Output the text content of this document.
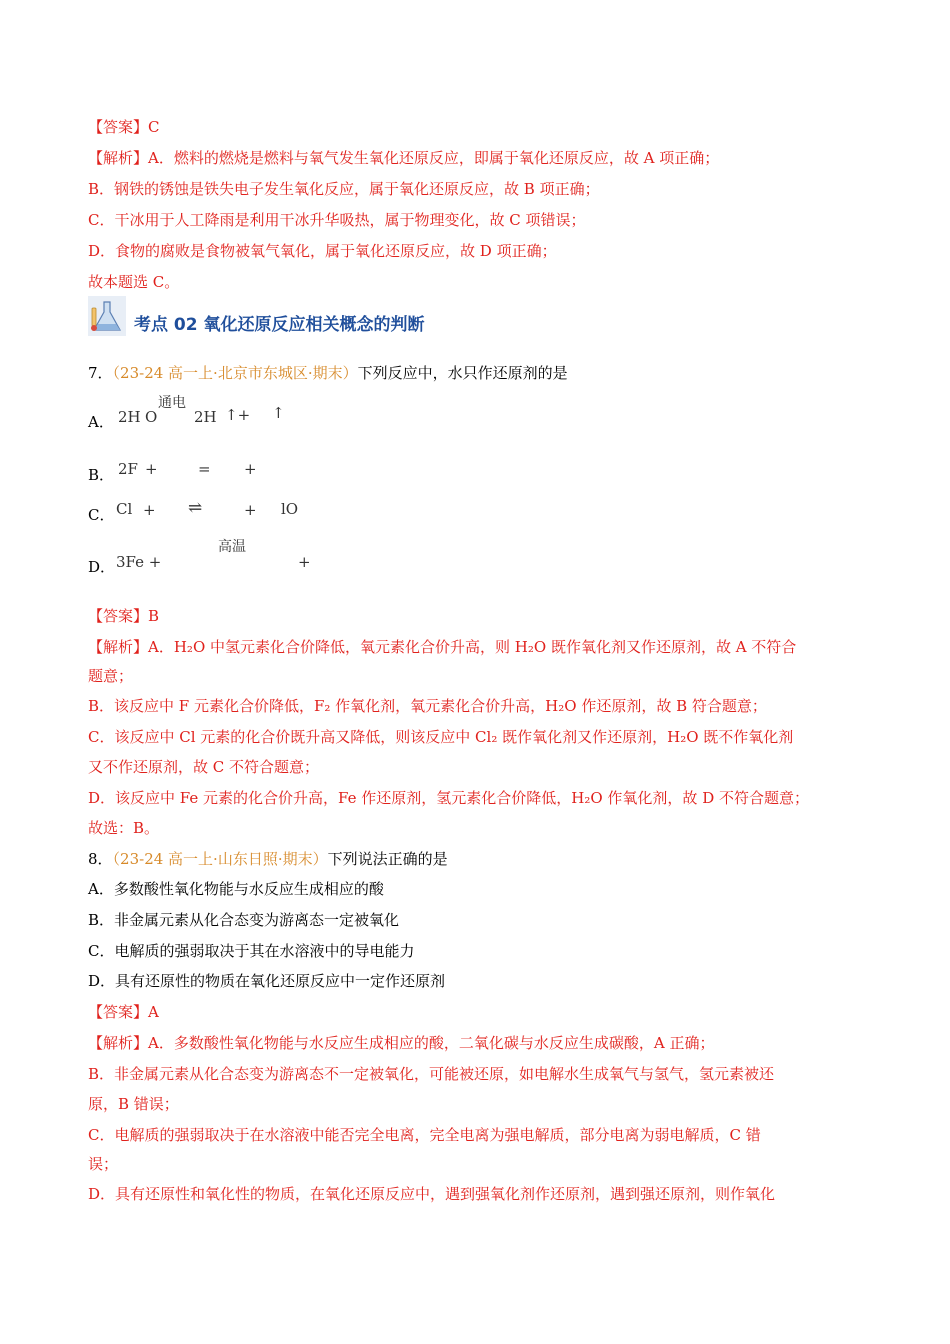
【答案】C
【解析】A．燃料的燃烧是燃料与氧气发生氧化还原反应，即属于氧化还原反应，故 A 项正确；
B．钢铁的锈蚀是铁失电子发生氧化反应，属于氧化还原反应，故 B 项正确；
C．干冰用于人工降雨是利用干冰升华吸热，属于物理变化，故 C 项错误；
D．食物的腐败是食物被氧气氧化，属于氧化还原反应，故 D 项正确；
故本题选 C。
考点 02 氧化还原反应相关概念的判断
7．（23-24 高一上·北京市东城区·期末）下列反应中，水只作还原剂的是
A． 2H O
通电
2H ↑+ ↑
B． 2F +	= +
C． Cl + ⇌	+ lO
D． 3Fe +
高温
+
【答案】B
【解析】A．H₂O 中氢元素化合价降低，氧元素化合价升高，则 H₂O 既作氧化剂又作还原剂，故 A 不符合
题意；
B．该反应中 F 元素化合价降低，F₂ 作氧化剂，氧元素化合价升高，H₂O 作还原剂，故 B 符合题意；
C．该反应中 Cl 元素的化合价既升高又降低，则该反应中 Cl₂ 既作氧化剂又作还原剂，H₂O 既不作氧化剂
又不作还原剂，故 C 不符合题意；
D．该反应中 Fe 元素的化合价升高，Fe 作还原剂，氢元素化合价降低，H₂O 作氧化剂，故 D 不符合题意；
故选：B。
8．（23-24 高一上·山东日照·期末）下列说法正确的是
A．多数酸性氧化物能与水反应生成相应的酸
B．非金属元素从化合态变为游离态一定被氧化
C．电解质的强弱取决于其在水溶液中的导电能力
D．具有还原性的物质在氧化还原反应中一定作还原剂
【答案】A
【解析】A．多数酸性氧化物能与水反应生成相应的酸，二氧化碳与水反应生成碳酸，A 正确；
B．非金属元素从化合态变为游离态不一定被氧化，可能被还原，如电解水生成氧气与氢气，氢元素被还
原，B 错误；
C．电解质的强弱取决于在水溶液中能否完全电离，完全电离为强电解质，部分电离为弱电解质，C 错
误；
D．具有还原性和氧化性的物质，在氧化还原反应中，遇到强氧化剂作还原剂，遇到强还原剂，则作氧化
